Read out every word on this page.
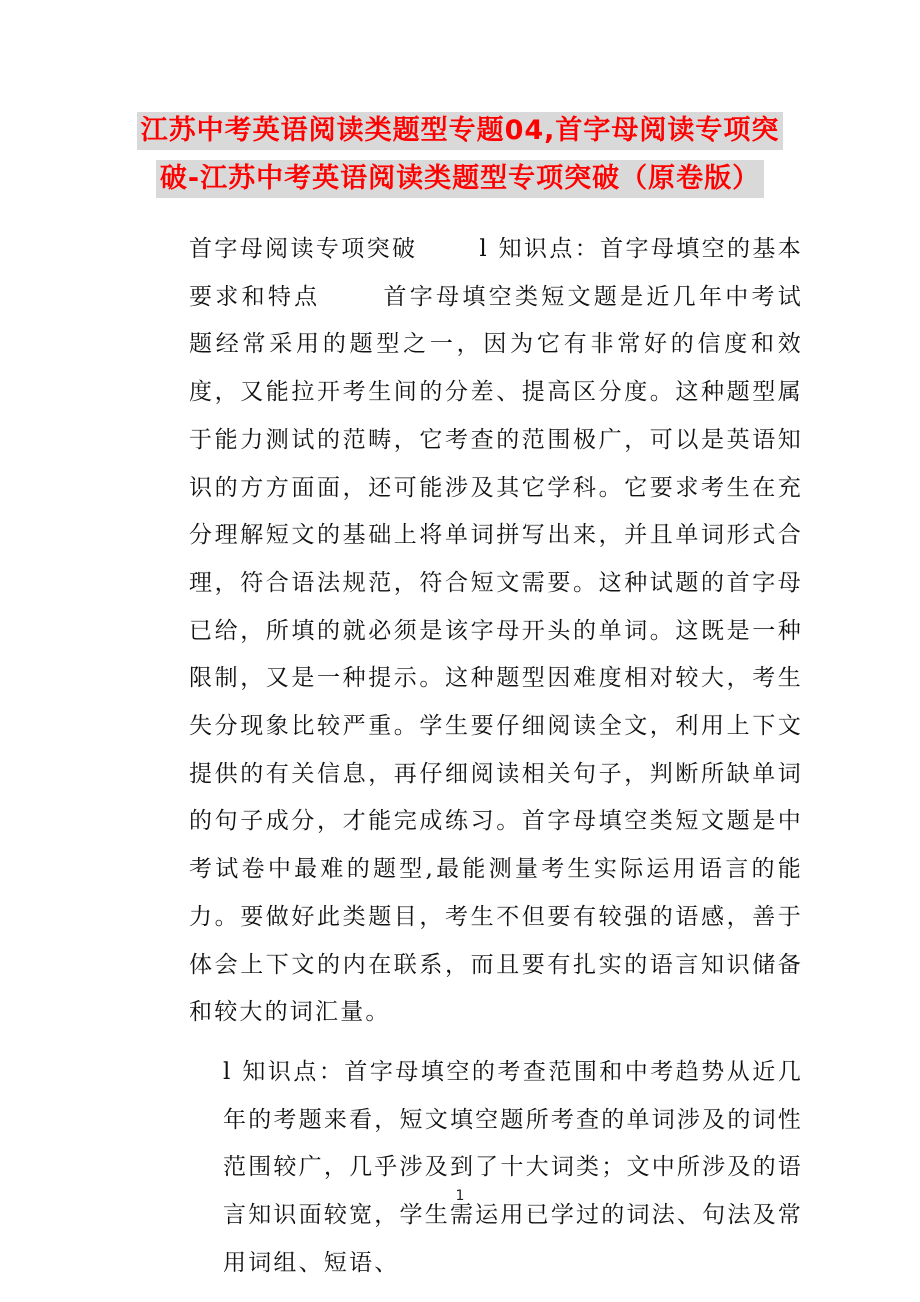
江苏中考英语阅读类题型专题04,首字母阅读专项突
破-江苏中考英语阅读类题型专项突破（原卷版）

首字母阅读专项突破	l 知识点：首字母填空的基本要求和特点	首字母填空类短文题是近几年中考试题经常采用的题型之一，因为它有非常好的信度和效度，又能拉开考生间的分差、提高区分度。这种题型属于能力测试的范畴，它考查的范围极广，可以是英语知识的方方面面，还可能涉及其它学科。它要求考生在充分理解短文的基础上将单词拼写出来，并且单词形式合理，符合语法规范，符合短文需要。这种试题的首字母已给，所填的就必须是该字母开头的单词。这既是一种限制，又是一种提示。这种题型因难度相对较大，考生失分现象比较严重。学生要仔细阅读全文，利用上下文提供的有关信息，再仔细阅读相关句子，判断所缺单词的句子成分，才能完成练习。首字母填空类短文题是中考试卷中最难的题型,最能测量考生实际运用语言的能力。要做好此类题目，考生不但要有较强的语感，善于体会上下文的内在联系，而且要有扎实的语言知识储备和较大的词汇量。

l 知识点：首字母填空的考查范围和中考趋势从近几年的考题来看，短文填空题所考查的单词涉及的词性范围较广，几乎涉及到了十大词类；文中所涉及的语言知识面较宽，学生需运用已学过的词法、句法及常用词组、短语、

1
